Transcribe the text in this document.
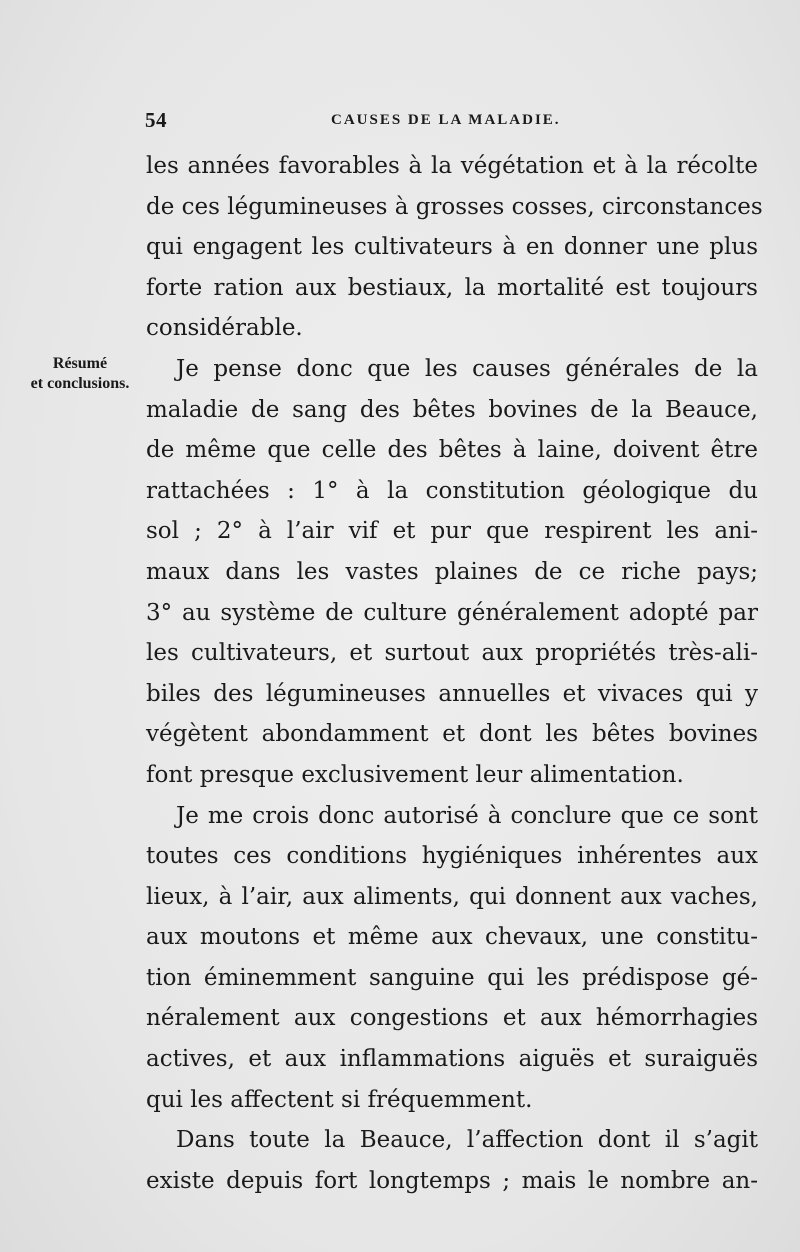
54	CAUSES DE LA MALADIE.
Résumé
et conclusions.
les années favorables à la végétation et à la récolte
de ces légumineuses à grosses cosses, circonstances
qui engagent les cultivateurs à en donner une plus
forte ration aux bestiaux, la mortalité est toujours
considérable.
Je pense donc que les causes générales de la
maladie de sang des bêtes bovines de la Beauce,
de même que celle des bêtes à laine, doivent être
rattachées : 1° à la constitution géologique du
sol ; 2° à l’air vif et pur que respirent les ani-
maux dans les vastes plaines de ce riche pays;
3° au système de culture généralement adopté par
les cultivateurs, et surtout aux propriétés très-ali-
biles des légumineuses annuelles et vivaces qui y
végètent abondamment et dont les bêtes bovines
font presque exclusivement leur alimentation.
Je me crois donc autorisé à conclure que ce sont
toutes ces conditions hygiéniques inhérentes aux
lieux, à l’air, aux aliments, qui donnent aux vaches,
aux moutons et même aux chevaux, une constitu-
tion éminemment sanguine qui les prédispose gé-
néralement aux congestions et aux hémorrhagies
actives, et aux inflammations aiguës et suraiguës
qui les affectent si fréquemment.
Dans toute la Beauce, l’affection dont il s’agit
existe depuis fort longtemps ; mais le nombre an-
